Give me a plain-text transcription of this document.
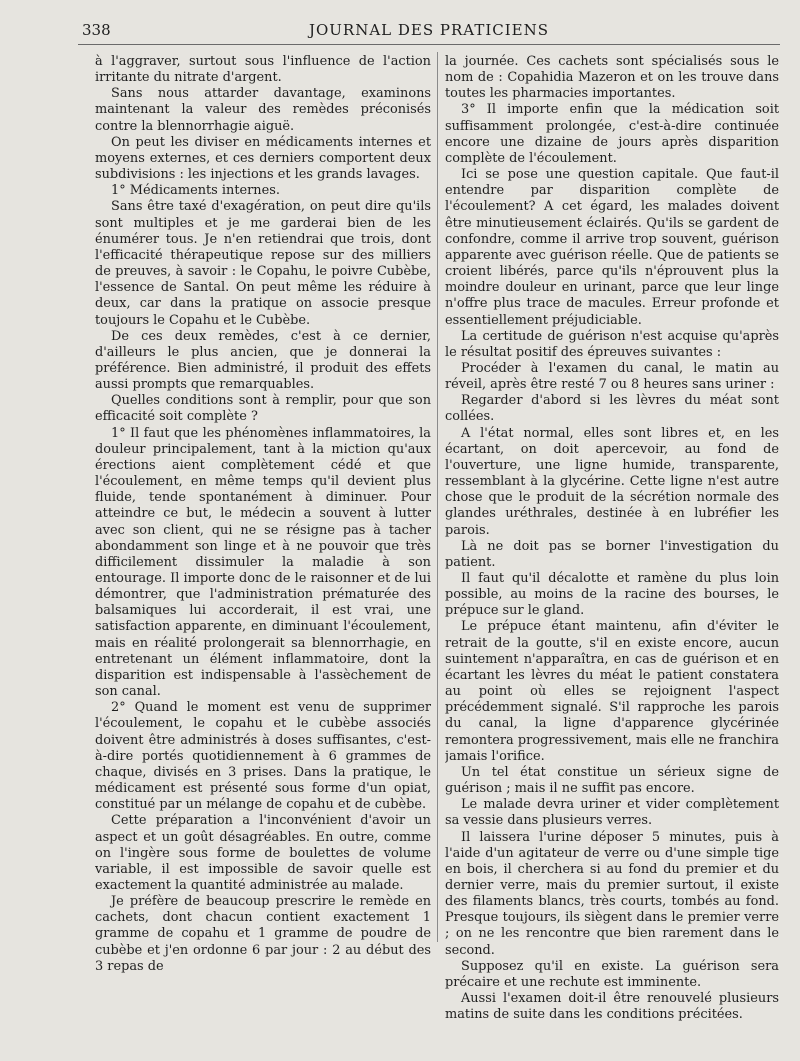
338	JOURNAL DES PRATICIENS

à l'aggraver, surtout sous l'influence de l'action irritante du nitrate d'argent.

Sans nous attarder davantage, examinons maintenant la valeur des remèdes préconisés contre la blennorrhagie aiguë.

On peut les diviser en médicaments internes et moyens externes, et ces derniers comportent deux subdivisions : les injections et les grands lavages.

1° Médicaments internes.

Sans être taxé d'exagération, on peut dire qu'ils sont multiples et je me garderai bien de les énumérer tous. Je n'en retiendrai que trois, dont l'efficacité thérapeutique repose sur des milliers de preuves, à savoir : le Copahu, le poivre Cubèbe, l'essence de Santal. On peut même les réduire à deux, car dans la pratique on associe presque toujours le Copahu et le Cubèbe.

De ces deux remèdes, c'est à ce dernier, d'ailleurs le plus ancien, que je donnerai la préférence. Bien administré, il produit des effets aussi prompts que remarquables.

Quelles conditions sont à remplir, pour que son efficacité soit complète ?

1° Il faut que les phénomènes inflammatoires, la douleur principalement, tant à la miction qu'aux érections aient complètement cédé et que l'écoulement, en même temps qu'il devient plus fluide, tende spontanément à diminuer. Pour atteindre ce but, le médecin a souvent à lutter avec son client, qui ne se résigne pas à tacher abondamment son linge et à ne pouvoir que très difficilement dissimuler la maladie à son entourage. Il importe donc de le raisonner et de lui démontrer, que l'administration prématurée des balsamiques lui accorderait, il est vrai, une satisfaction apparente, en diminuant l'écoulement, mais en réalité prolongerait sa blennorrhagie, en entretenant un élément inflammatoire, dont la disparition est indispensable à l'assèchement de son canal.

2° Quand le moment est venu de supprimer l'écoulement, le copahu et le cubèbe associés doivent être administrés à doses suffisantes, c'est-à-dire portés quotidiennement à 6 grammes de chaque, divisés en 3 prises. Dans la pratique, le médicament est présenté sous forme d'un opiat, constitué par un mélange de copahu et de cubèbe.

Cette préparation a l'inconvénient d'avoir un aspect et un goût désagréables. En outre, comme on l'ingère sous forme de boulettes de volume variable, il est impossible de savoir quelle est exactement la quantité administrée au malade.

Je préfère de beaucoup prescrire le remède en cachets, dont chacun contient exactement 1 gramme de copahu et 1 gramme de poudre de cubèbe et j'en ordonne 6 par jour : 2 au début des 3 repas de

la journée. Ces cachets sont spécialisés sous le nom de : Copahidia Mazeron et on les trouve dans toutes les pharmacies importantes.

3° Il importe enfin que la médication soit suffisamment prolongée, c'est-à-dire continuée encore une dizaine de jours après disparition complète de l'écoulement.

Ici se pose une question capitale. Que faut-il entendre par disparition complète de l'écoulement? A cet égard, les malades doivent être minutieusement éclairés. Qu'ils se gardent de confondre, comme il arrive trop souvent, guérison apparente avec guérison réelle. Que de patients se croient libérés, parce qu'ils n'éprouvent plus la moindre douleur en urinant, parce que leur linge n'offre plus trace de macules. Erreur profonde et essentiellement préjudiciable.

La certitude de guérison n'est acquise qu'après le résultat positif des épreuves suivantes :

Procéder à l'examen du canal, le matin au réveil, après être resté 7 ou 8 heures sans uriner :

Regarder d'abord si les lèvres du méat sont collées.

A l'état normal, elles sont libres et, en les écartant, on doit apercevoir, au fond de l'ouverture, une ligne humide, transparente, ressemblant à la glycérine. Cette ligne n'est autre chose que le produit de la sécrétion normale des glandes uréthrales, destinée à en lubréfier les parois.

Là ne doit pas se borner l'investigation du patient.

Il faut qu'il décalotte et ramène du plus loin possible, au moins de la racine des bourses, le prépuce sur le gland.

Le prépuce étant maintenu, afin d'éviter le retrait de la goutte, s'il en existe encore, aucun suintement n'apparaîtra, en cas de guérison et en écartant les lèvres du méat le patient constatera au point où elles se rejoignent l'aspect précédemment signalé. S'il rapproche les parois du canal, la ligne d'apparence glycérinée remontera progressivement, mais elle ne franchira jamais l'orifice.

Un tel état constitue un sérieux signe de guérison ; mais il ne suffit pas encore.

Le malade devra uriner et vider complètement sa vessie dans plusieurs verres.

Il laissera l'urine déposer 5 minutes, puis à l'aide d'un agitateur de verre ou d'une simple tige en bois, il cherchera si au fond du premier et du dernier verre, mais du premier surtout, il existe des filaments blancs, très courts, tombés au fond. Presque toujours, ils siègent dans le premier verre ; on ne les rencontre que bien rarement dans le second.

Supposez qu'il en existe. La guérison sera précaire et une rechute est imminente.

Aussi l'examen doit-il être renouvelé plusieurs matins de suite dans les conditions précitées.
